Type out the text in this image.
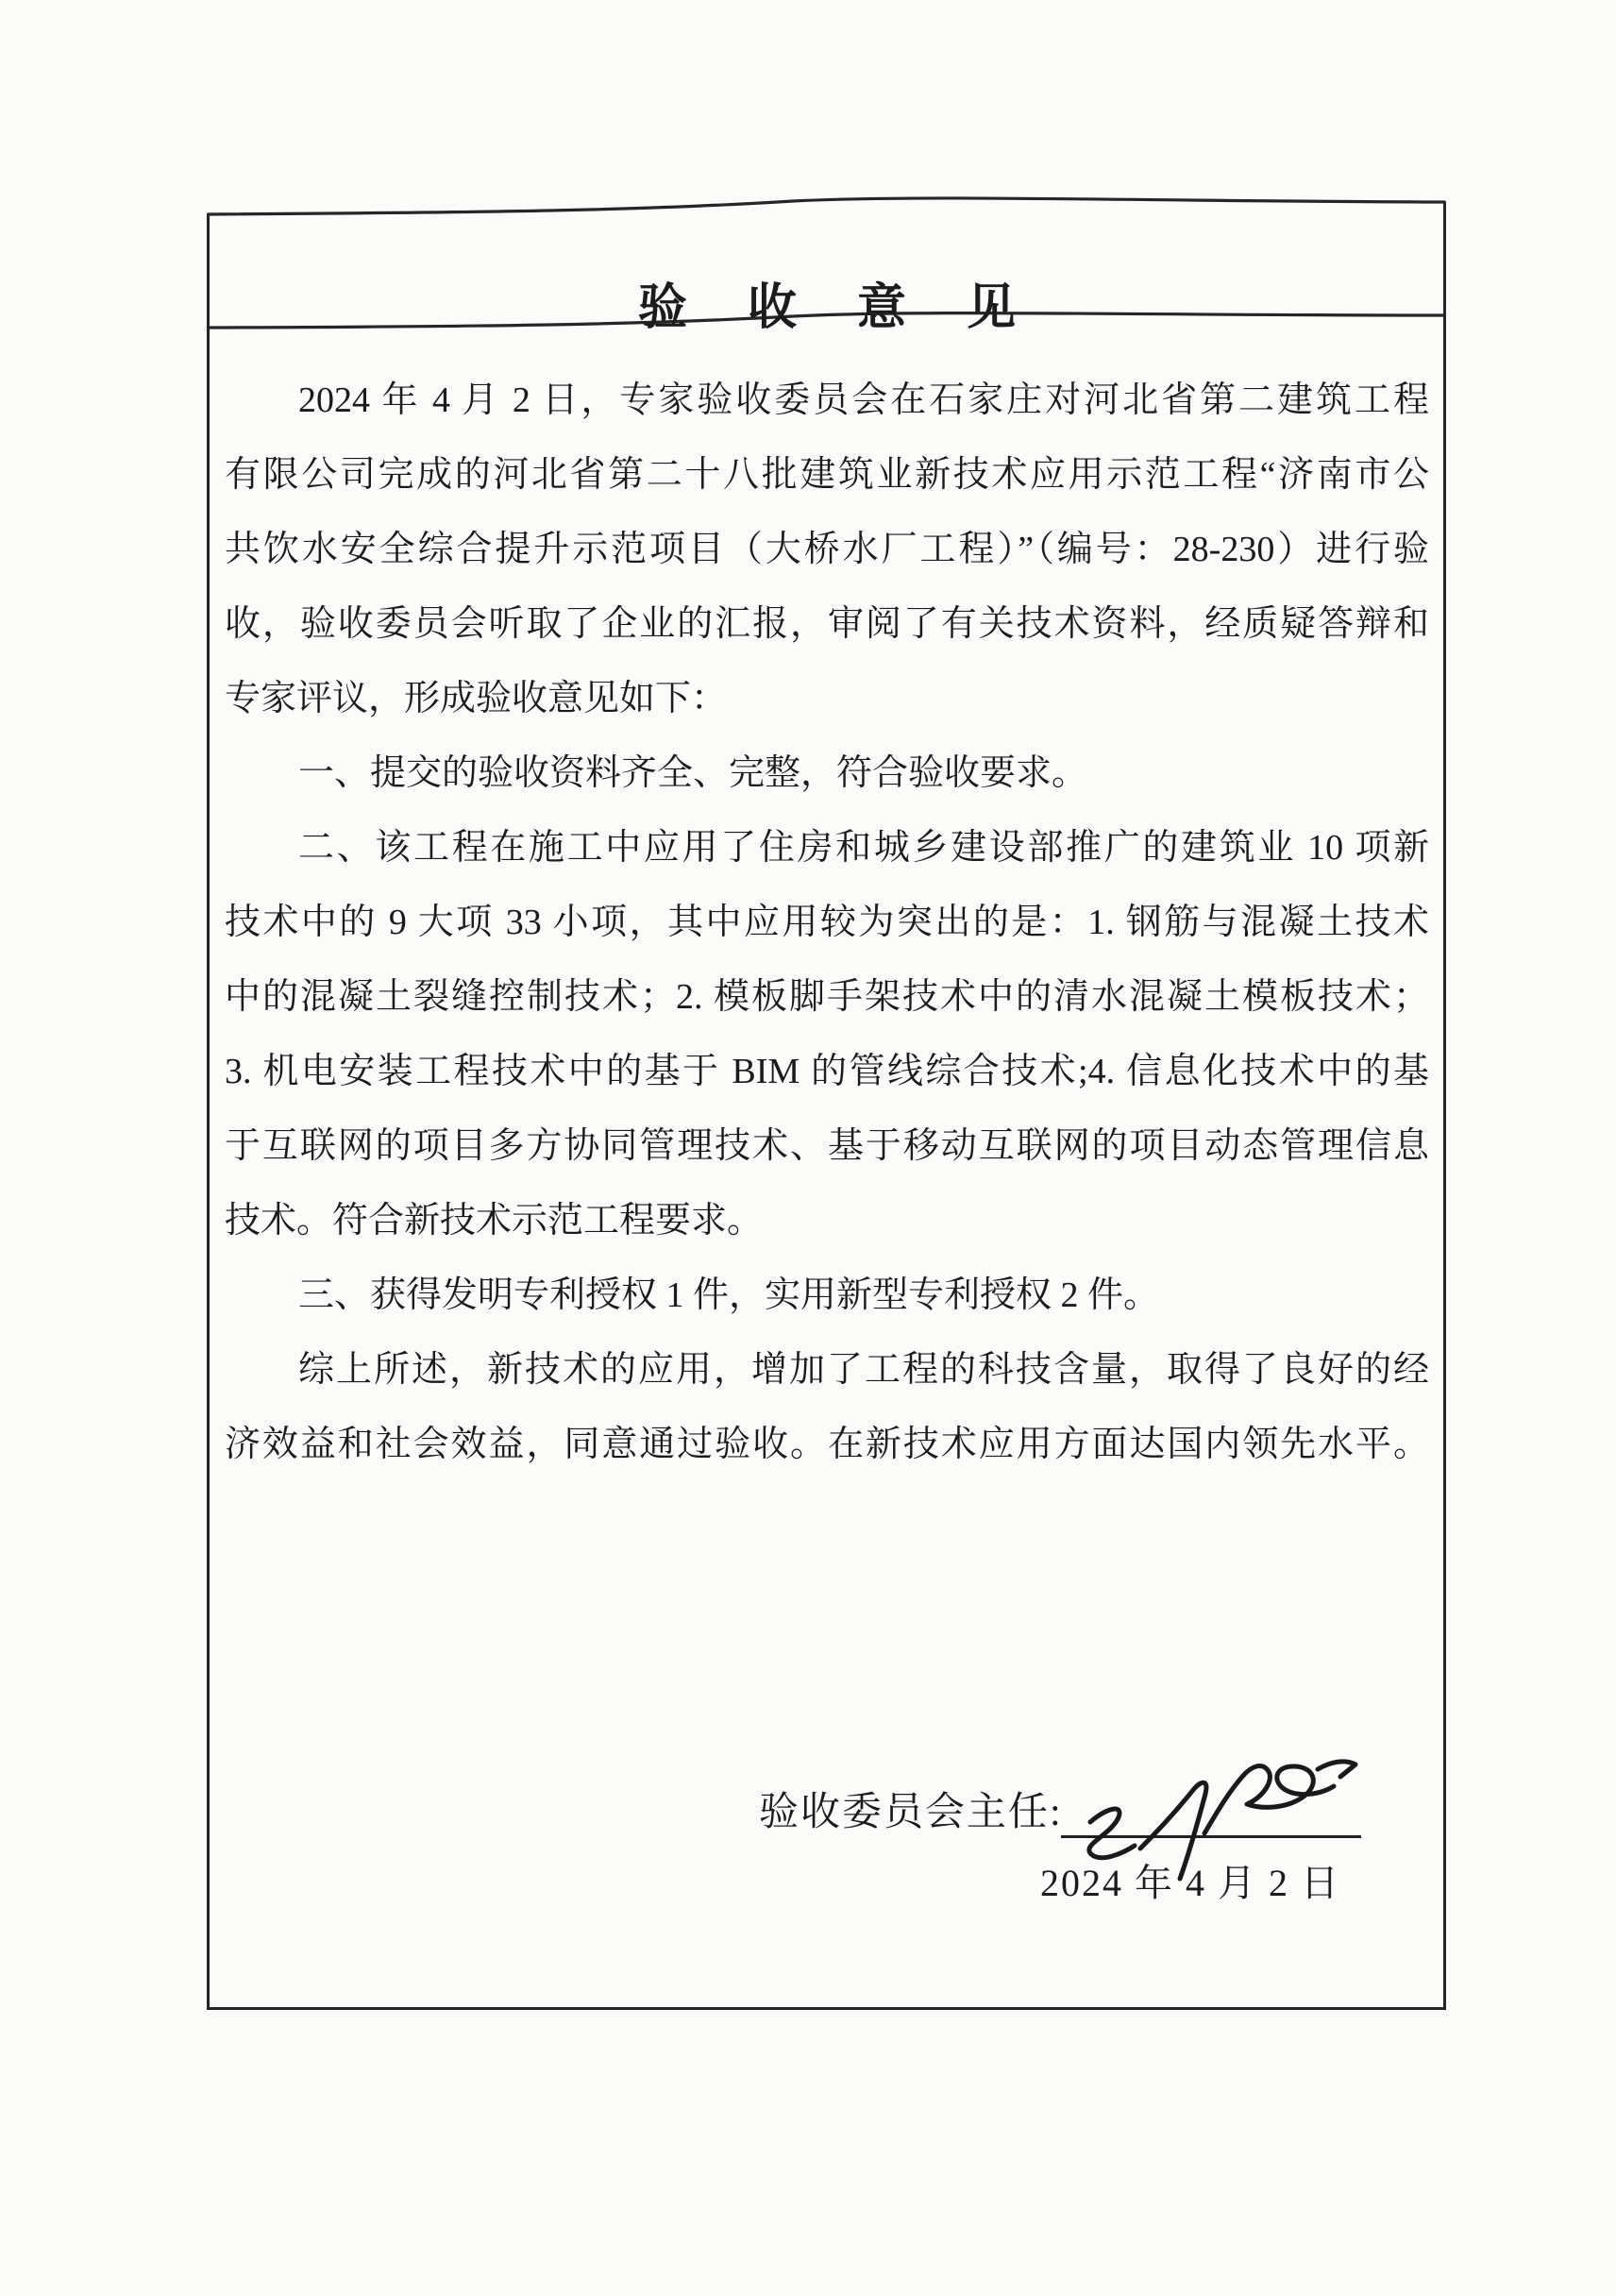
验收意见
2024 年 4 月 2 日，专家验收委员会在石家庄对河北省第二建筑工程
有限公司完成的河北省第二十八批建筑业新技术应用示范工程“济南市公
共饮水安全综合提升示范项目（大桥水厂工程）”（编号：28-230）进行验
收，验收委员会听取了企业的汇报，审阅了有关技术资料，经质疑答辩和
专家评议，形成验收意见如下：
一、提交的验收资料齐全、完整，符合验收要求。
二、该工程在施工中应用了住房和城乡建设部推广的建筑业 10 项新
技术中的 9 大项 33 小项，其中应用较为突出的是：1. 钢筋与混凝土技术
中的混凝土裂缝控制技术；2. 模板脚手架技术中的清水混凝土模板技术；
3. 机电安装工程技术中的基于 BIM 的管线综合技术;4. 信息化技术中的基
于互联网的项目多方协同管理技术、基于移动互联网的项目动态管理信息
技术。符合新技术示范工程要求。
三、获得发明专利授权 1 件，实用新型专利授权 2 件。
综上所述，新技术的应用，增加了工程的科技含量，取得了良好的经
济效益和社会效益，同意通过验收。在新技术应用方面达国内领先水平。
验收委员会主任:
2024 年 4 月 2 日
